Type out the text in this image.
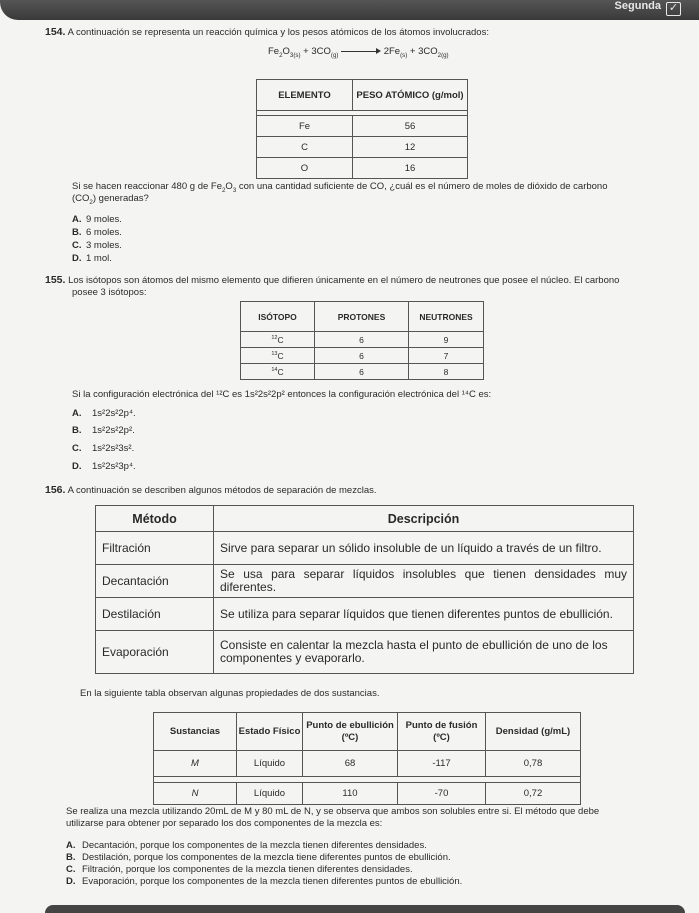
Segunda ✓
154. A continuación se representa un reacción química y los pesos atómicos de los átomos involucrados:
$Fe_2O_{3(s)} + 3CO_{(g)}$	$2Fe_{(s)} + 3CO_{2(g)}$
ELEMENTO	PESO ATÓMICO (g/mol)

Fe	56
C	12
O	16
Si se hacen reaccionar 480 g de $Fe_2O_3$ con una cantidad suficiente de CO, ¿cuál es el número de moles de dióxido de carbono
$(CO_2)$ generadas?
A. 9 moles.
B. 6 moles.
C. 3 moles.
D. 1 mol.
155. Los isótopos son átomos del mismo elemento que difieren únicamente en el número de neutrones que posee el núcleo. El carbono
posee 3 isótopos:
ISÓTOPO	PROTONES	NEUTRONES
$^{12}$C	6	9
$^{13}$C	6	7
$^{14}$C	6	8
Si la configuración electrónica del ¹²C es 1s²2s²2p² entonces la configuración electrónica del ¹⁴C es:
A. 1s²2s²2p⁴.
B. 1s²2s²2p².
C. 1s²2s²3s².
D. 1s²2s²3p⁴.
156. A continuación se describen algunos métodos de separación de mezclas.
Método	Descripción
Filtración	Sirve para separar un sólido insoluble de un líquido a través de un filtro.
Decantación	Se usa para separar líquidos insolubles que tienen densidades muy diferentes.
Destilación	Se utiliza para separar líquidos que tienen diferentes puntos de ebullición.
Evaporación	Consiste en calentar la mezcla hasta el punto de ebullición de uno de los componentes y evaporarlo.
En la siguiente tabla observan algunas propiedades de dos sustancias.
Sustancias	Estado Físico	Punto de ebullición (ºC)	Punto de fusión (ºC)	Densidad (g/mL)
M	Líquido	68	-117	0,78

N	Líquido	110	-70	0,72
Se realiza una mezcla utilizando 20mL de M y 80 mL de N, y se observa que ambos son solubles entre si. El método que debe
utilizarse para obtener por separado los dos componentes de la mezcla es:
A. Decantación, porque los componentes de la mezcla tienen diferentes densidades.
B. Destilación, porque los componentes de la mezcla tiene diferentes puntos de ebullición.
C. Filtración, porque los componentes de la mezcla tienen diferentes densidades.
D. Evaporación, porque los componentes de la mezcla tienen diferentes puntos de ebullición.
